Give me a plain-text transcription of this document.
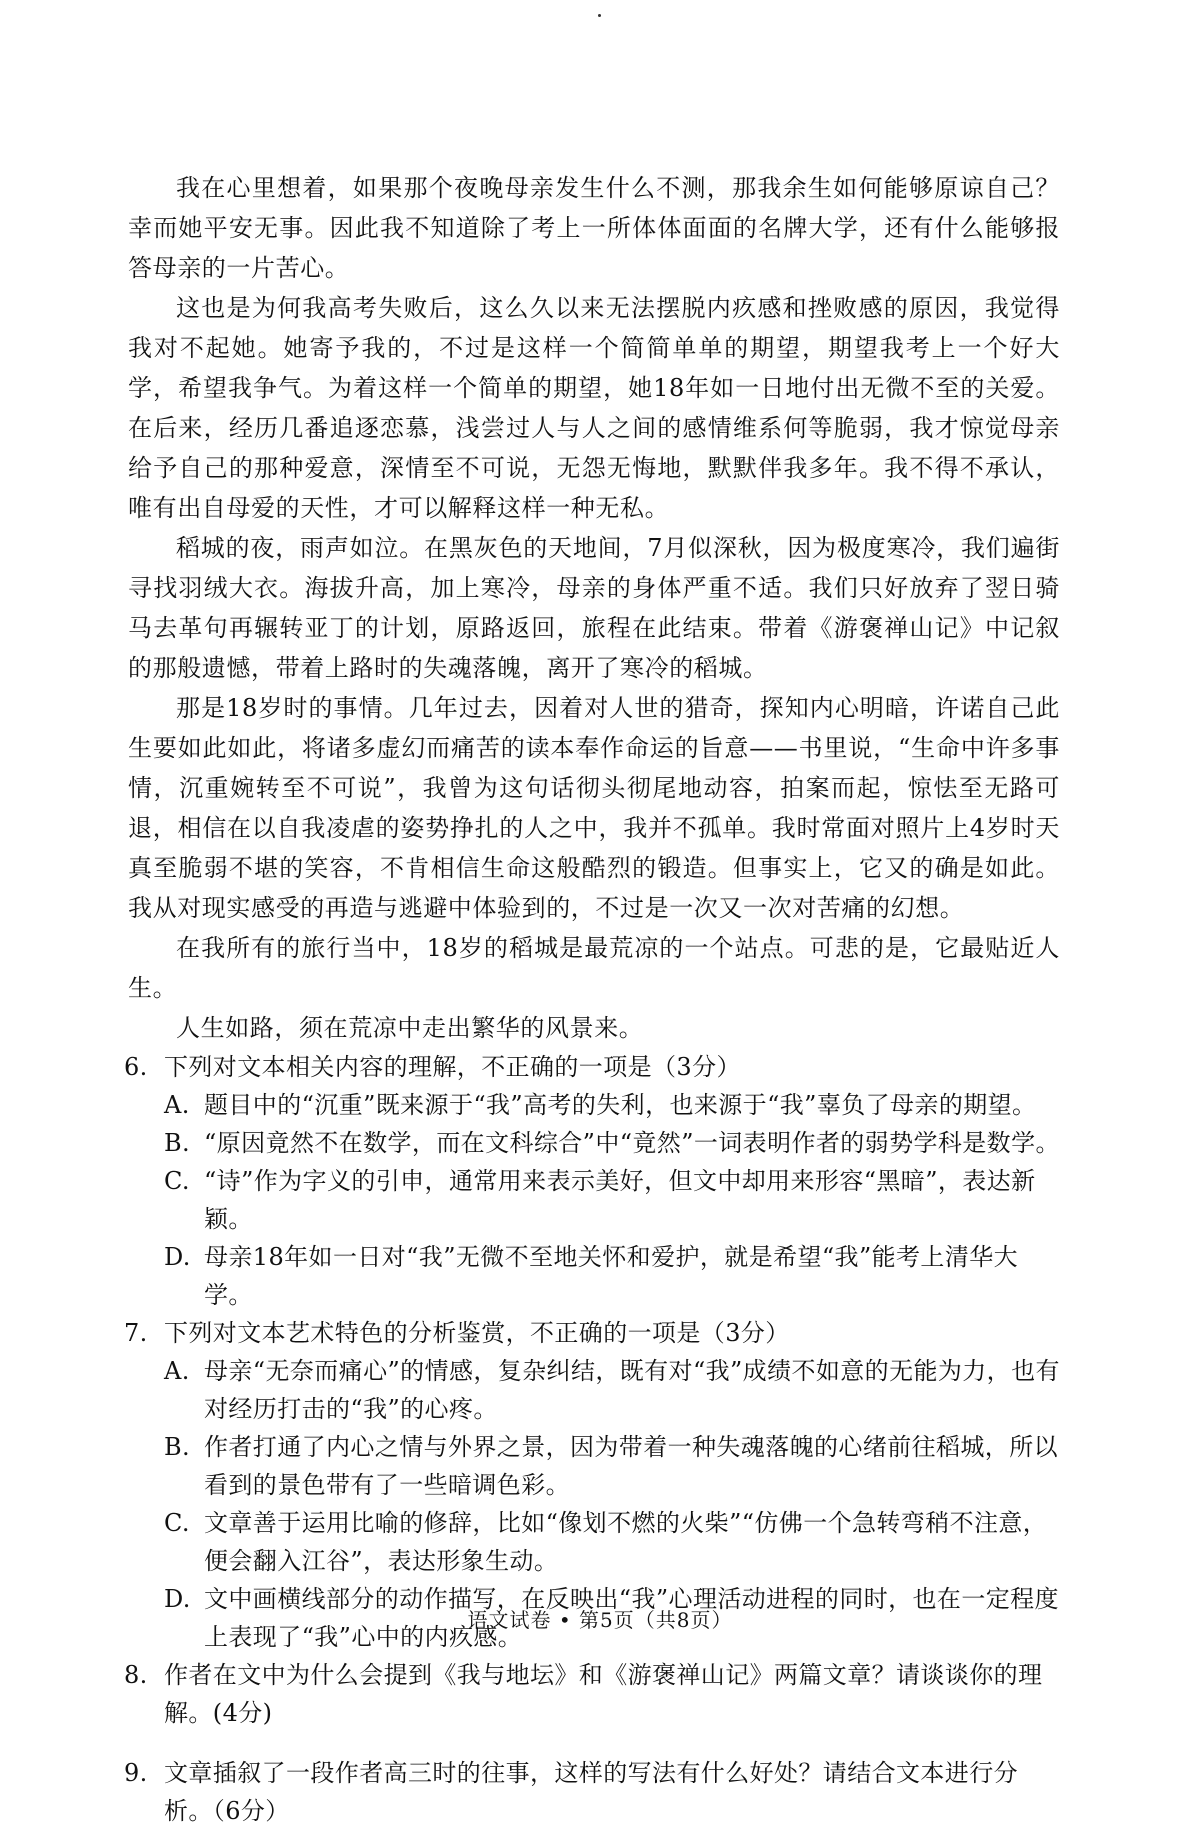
我在心里想着，如果那个夜晚母亲发生什么不测，那我余生如何能够原谅自己？幸而她平安无事。因此我不知道除了考上一所体体面面的名牌大学，还有什么能够报答母亲的一片苦心。

这也是为何我高考失败后，这么久以来无法摆脱内疚感和挫败感的原因，我觉得我对不起她。她寄予我的，不过是这样一个简简单单的期望，期望我考上一个好大学，希望我争气。为着这样一个简单的期望，她18年如一日地付出无微不至的关爱。在后来，经历几番追逐恋慕，浅尝过人与人之间的感情维系何等脆弱，我才惊觉母亲给予自己的那种爱意，深情至不可说，无怨无悔地，默默伴我多年。我不得不承认，唯有出自母爱的天性，才可以解释这样一种无私。

稻城的夜，雨声如泣。在黑灰色的天地间，7月似深秋，因为极度寒冷，我们遍街寻找羽绒大衣。海拔升高，加上寒冷，母亲的身体严重不适。我们只好放弃了翌日骑马去革句再辗转亚丁的计划，原路返回，旅程在此结束。带着《游褒禅山记》中记叙的那般遗憾，带着上路时的失魂落魄，离开了寒冷的稻城。

那是18岁时的事情。几年过去，因着对人世的猎奇，探知内心明暗，许诺自己此生要如此如此，将诸多虚幻而痛苦的读本奉作命运的旨意——书里说，“生命中许多事情，沉重婉转至不可说”，我曾为这句话彻头彻尾地动容，拍案而起，惊怯至无路可退，相信在以自我凌虐的姿势挣扎的人之中，我并不孤单。我时常面对照片上4岁时天真至脆弱不堪的笑容，不肯相信生命这般酷烈的锻造。但事实上，它又的确是如此。我从对现实感受的再造与逃避中体验到的，不过是一次又一次对苦痛的幻想。

在我所有的旅行当中，18岁的稻城是最荒凉的一个站点。可悲的是，它最贴近人生。

人生如路，须在荒凉中走出繁华的风景来。

6. 下列对文本相关内容的理解，不正确的一项是（3分）

A. 题目中的“沉重”既来源于“我”高考的失利，也来源于“我”辜负了母亲的期望。

B. “原因竟然不在数学，而在文科综合”中“竟然”一词表明作者的弱势学科是数学。

C. “诗”作为字义的引申，通常用来表示美好，但文中却用来形容“黑暗”，表达新颖。

D. 母亲18年如一日对“我”无微不至地关怀和爱护，就是希望“我”能考上清华大学。

7. 下列对文本艺术特色的分析鉴赏，不正确的一项是（3分）

A. 母亲“无奈而痛心”的情感，复杂纠结，既有对“我”成绩不如意的无能为力，也有对经历打击的“我”的心疼。

B. 作者打通了内心之情与外界之景，因为带着一种失魂落魄的心绪前往稻城，所以看到的景色带有了一些暗调色彩。

C. 文章善于运用比喻的修辞，比如“像划不燃的火柴”“仿佛一个急转弯稍不注意，便会翻入江谷”，表达形象生动。

D. 文中画横线部分的动作描写，在反映出“我”心理活动进程的同时，也在一定程度上表现了“我”心中的内疚感。

8. 作者在文中为什么会提到《我与地坛》和《游褒禅山记》两篇文章？请谈谈你的理解。(4分)

9. 文章插叙了一段作者高三时的往事，这样的写法有什么好处？请结合文本进行分析。（6分）

语文试卷 • 第5页（共8页）
